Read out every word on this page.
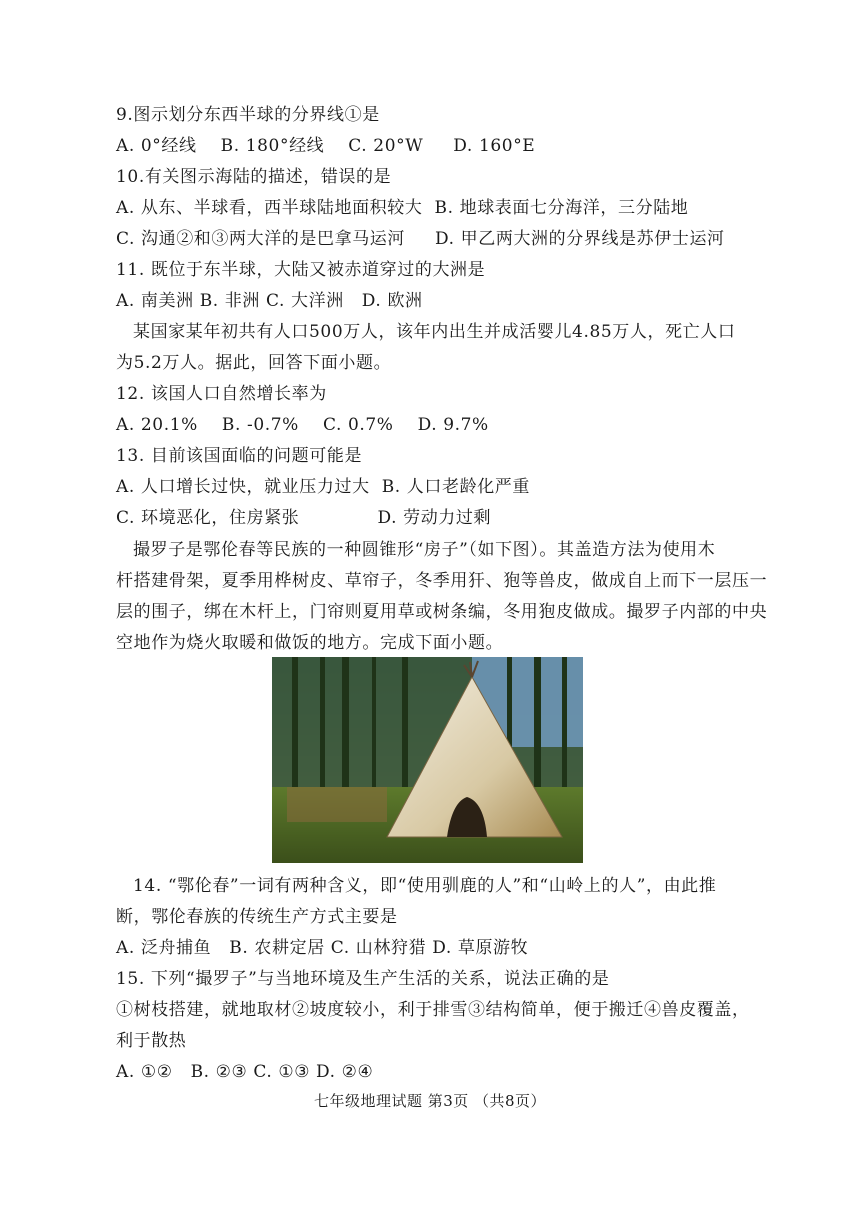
9.图示划分东西半球的分界线①是
A. 0°经线    B. 180°经线    C. 20°W     D. 160°E
10.有关图示海陆的描述，错误的是
A. 从东、半球看，西半球陆地面积较大  B. 地球表面七分海洋，三分陆地
C. 沟通②和③两大洋的是巴拿马运河     D. 甲乙两大洲的分界线是苏伊士运河
11. 既位于东半球，大陆又被赤道穿过的大洲是
A. 南美洲 B. 非洲 C. 大洋洲   D. 欧洲
某国家某年初共有人口500万人，该年内出生并成活婴儿4.85万人，死亡人口
为5.2万人。据此，回答下面小题。
12. 该国人口自然增长率为
A. 20.1%    B. -0.7%    C. 0.7%    D. 9.7%
13. 目前该国面临的问题可能是
A. 人口增长过快，就业压力过大  B. 人口老龄化严重
C. 环境恶化，住房紧张             D. 劳动力过剩
撮罗子是鄂伦春等民族的一种圆锥形“房子”（如下图）。其盖造方法为使用木
杆搭建骨架，夏季用桦树皮、草帘子，冬季用犴、狍等兽皮，做成自上而下一层压一
层的围子，绑在木杆上，门帘则夏用草或树条编，冬用狍皮做成。撮罗子内部的中央
空地作为烧火取暖和做饭的地方。完成下面小题。
14. “鄂伦春”一词有两种含义，即“使用驯鹿的人”和“山岭上的人”，由此推
断，鄂伦春族的传统生产方式主要是
A. 泛舟捕鱼   B. 农耕定居 C. 山林狩猎 D. 草原游牧
15. 下列“撮罗子”与当地环境及生产生活的关系，说法正确的是
①树枝搭建，就地取材②坡度较小，利于排雪③结构简单，便于搬迁④兽皮覆盖，
利于散热
A. ①②   B. ②③ C. ①③ D. ②④
七年级地理试题 第3页 （共8页）
